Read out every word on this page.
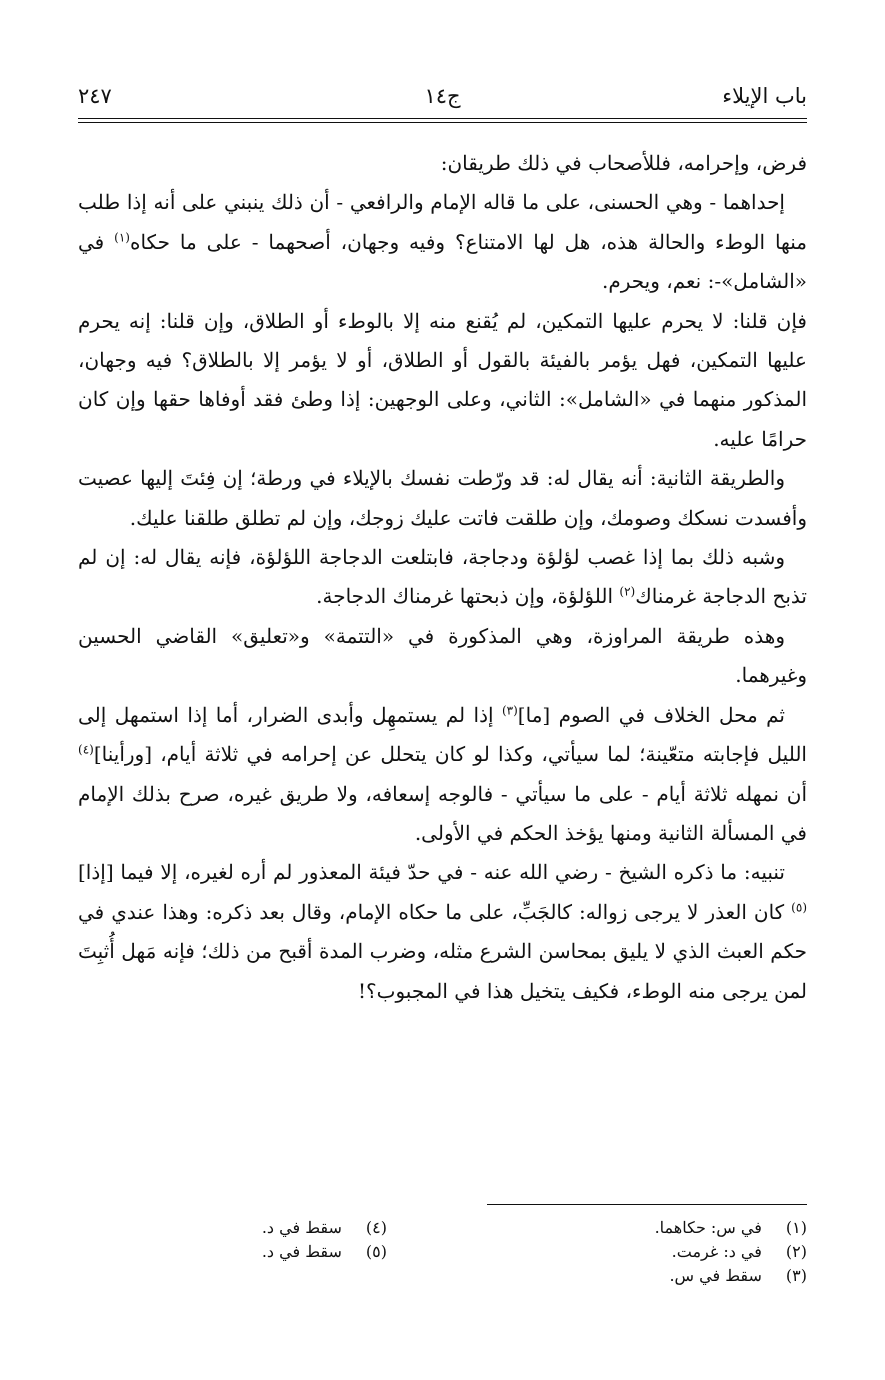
باب الإيلاء
ج١٤
٢٤٧

فرض، وإحرامه، فللأصحاب في ذلك طريقان:

إحداهما - وهي الحسنى، على ما قاله الإمام والرافعي - أن ذلك ينبني على أنه إذا طلب منها الوطء والحالة هذه، هل لها الامتناع؟ وفيه وجهان، أصحهما - على ما حكاه$^{(١)}$ في «الشامل»-: نعم، ويحرم.

فإن قلنا: لا يحرم عليها التمكين، لم يُقنع منه إلا بالوطء أو الطلاق، وإن قلنا: إنه يحرم عليها التمكين، فهل يؤمر بالفيئة بالقول أو الطلاق، أو لا يؤمر إلا بالطلاق؟ فيه وجهان، المذكور منهما في «الشامل»: الثاني، وعلى الوجهين: إذا وطئ فقد أوفاها حقها وإن كان حرامًا عليه.

والطريقة الثانية: أنه يقال له: قد ورّطت نفسك بالإيلاء في ورطة؛ إن فِئتَ إليها عصيت وأفسدت نسكك وصومك، وإن طلقت فاتت عليك زوجك، وإن لم تطلق طلقنا عليك.

وشبه ذلك بما إذا غصب لؤلؤة ودجاجة، فابتلعت الدجاجة اللؤلؤة، فإنه يقال له: إن لم تذبح الدجاجة غرمناك$^{(٢)}$ اللؤلؤة، وإن ذبحتها غرمناك الدجاجة.

وهذه طريقة المراوزة، وهي المذكورة في «التتمة» و«تعليق» القاضي الحسين وغيرهما.

ثم محل الخلاف في الصوم [ما]$^{(٣)}$ إذا لم يستمهِل وأبدى الضرار، أما إذا استمهل إلى الليل فإجابته متعّينة؛ لما سيأتي، وكذا لو كان يتحلل عن إحرامه في ثلاثة أيام، [ورأينا]$^{(٤)}$ أن نمهله ثلاثة أيام - على ما سيأتي - فالوجه إسعافه، ولا طريق غيره، صرح بذلك الإمام في المسألة الثانية ومنها يؤخذ الحكم في الأولى.

تنبيه: ما ذكره الشيخ - رضي الله عنه - في حدّ فيئة المعذور لم أره لغيره، إلا فيما [إذا]$^{(٥)}$ كان العذر لا يرجى زواله: كالجَبِّ، على ما حكاه الإمام، وقال بعد ذكره: وهذا عندي في حكم العبث الذي لا يليق بمحاسن الشرع مثله، وضرب المدة أقبح من ذلك؛ فإنه مَهل أُثبِتَ لمن يرجى منه الوطء، فكيف يتخيل هذا في المجبوب؟!

(١) في س: حكاهما.
(٢) في د: غرمت.
(٣) سقط في س.
(٤) سقط في د.
(٥) سقط في د.
